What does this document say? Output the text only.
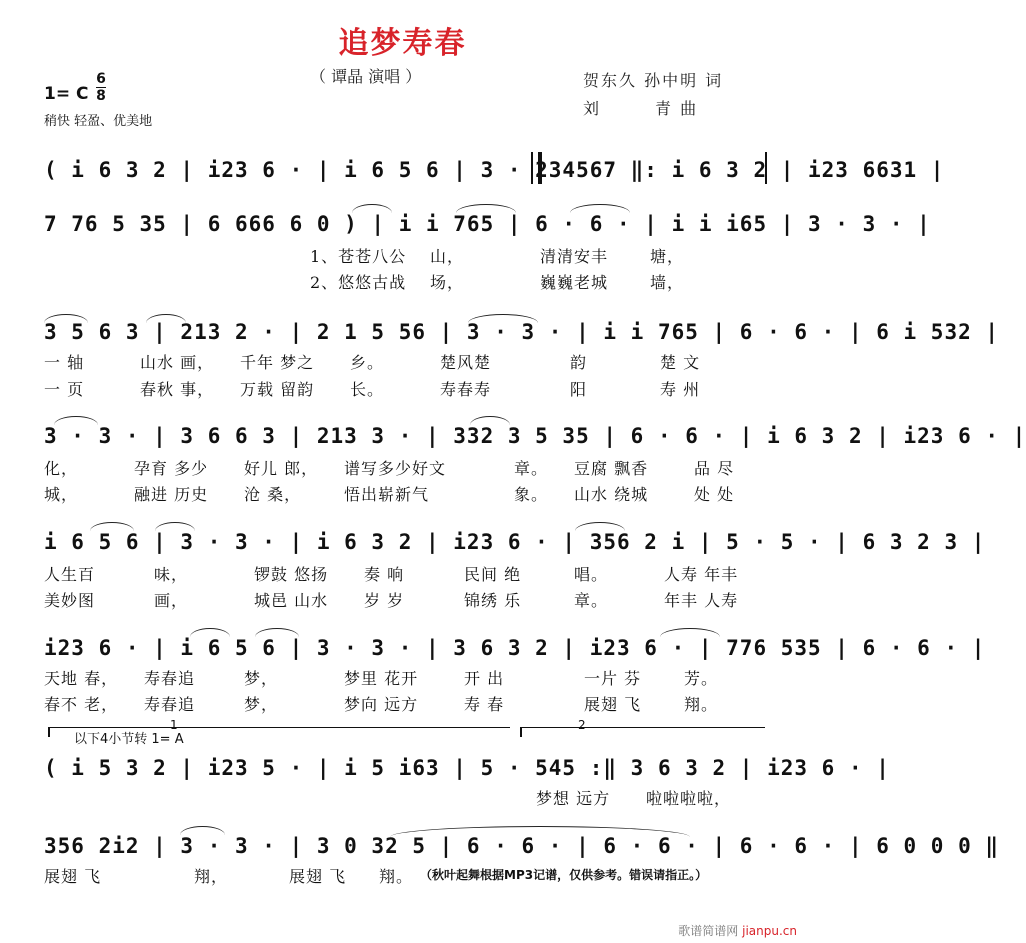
追梦寿春
（ 谭晶 演唱 ）	贺东久 孙中明 词
刘　　　青 曲
1= C
6
8
稍快 轻盈、优美地
( i 6 3 2 | i23 6 · | i 6 5 6 | 3 · 234567 ‖: i 6 3 2 | i23 6631 |
7 76 5 35 | 6 666 6 0 ) | i i 765 | 6 · 6 · | i i i65 | 3 · 3 · |
1、苍苍八公 山，	清清安丰	塘，
2、悠悠古战 场，	巍巍老城	墙，
3 5 6 3 | 213 2 · | 2 1 5 56 | 3 · 3 · | i i 765 | 6 · 6 · | 6 i 532 |
一 轴	山水 画， 千年 梦之 乡。	楚风楚	韵	楚 文
一 页	春秋 事， 万载 留韵 长。	寿春寿	阳	寿 州
3 · 3 · | 3 6 6 3 | 213 3 · | 332 3 5 35 | 6 · 6 · | i 6 3 2 | i23 6 · |
化，	孕育 多少 好儿 郎， 谱写多少好文	章。 豆腐 飘香	品 尽
城，	融进 历史 沧 桑，	悟出崭新气	象。 山水 绕城	处 处
i 6 5 6 | 3 · 3 · | i 6 3 2 | i23 6 · | 356 2 i | 5 · 5 · | 6 3 2 3 |
人生百	味，	锣鼓 悠扬 奏 响	民间 绝	唱。	人寿 年丰
美妙图	画，	城邑 山水 岁 岁	锦绣 乐	章。	年丰 人寿
i23 6 · | i 6 5 6 | 3 · 3 · | 3 6 3 2 | i23 6 · | 776 535 | 6 · 6 · |
天地 春， 寿春追	梦，	梦里 花开	开 出	一片 芬	芳。
春不 老， 寿春追	梦，	梦向 远方	寿 春	展翅 飞	翔。
1
以下4小节转 1= A
2
( i 5 3 2 | i23 5 · | i 5 i63 | 5 · 545 :‖ 3 6 3 2 | i23 6 · |
梦想 远方 啦啦啦啦，
356 2i2 | 3 · 3 · | 3 0 32 5 | 6 · 6 · | 6 · 6 · | 6 · 6 · | 6 0 0 0 ‖
展翅 飞	翔，	展翅 飞 翔。 （秋叶起舞根据MP3记谱，仅供参考。错误请指正。）
歌谱简谱网 jianpu.cn
